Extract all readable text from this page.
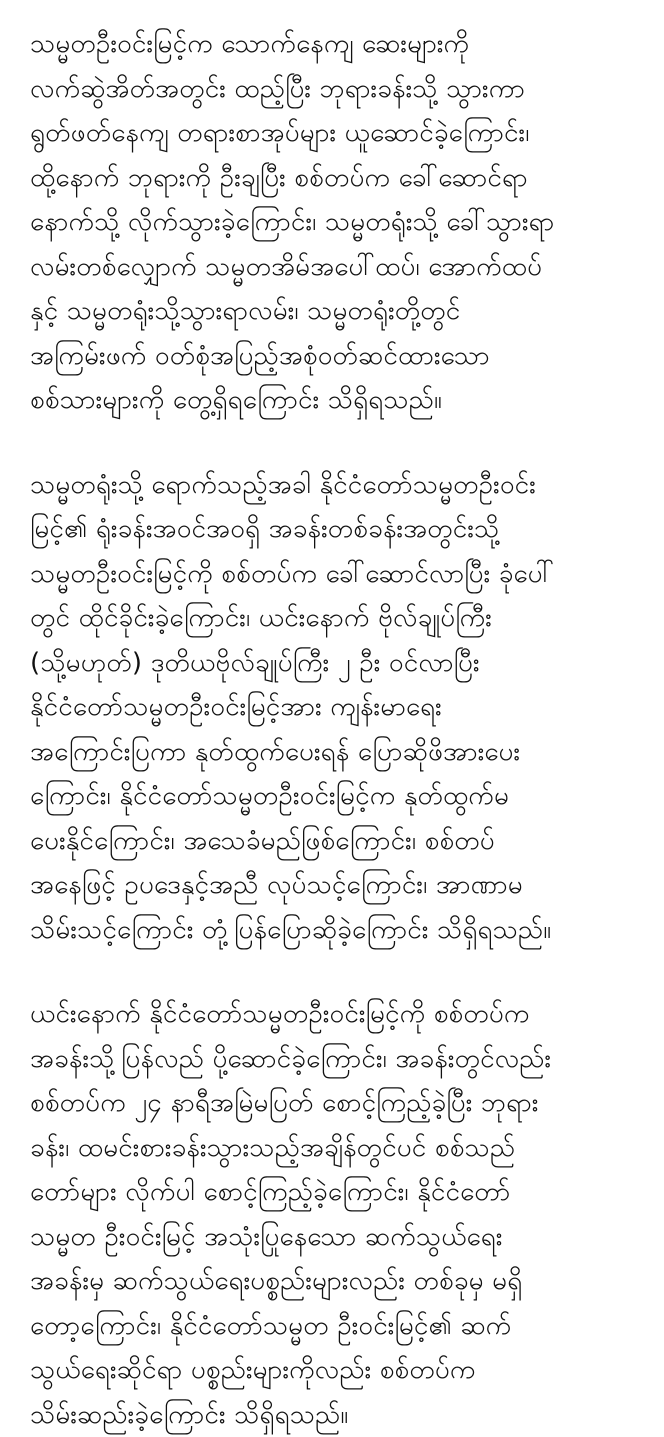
သမ္မတဦးဝင်းမြင့်က သောက်နေကျ ဆေးများကို
လက်ဆွဲအိတ်အတွင်း ထည့်ပြီး ဘုရားခန်းသို့ သွားကာ
ရွတ်ဖတ်နေကျ တရားစာအုပ်များ ယူဆောင်ခဲ့ကြောင်း၊
ထို့နောက် ဘုရားကို ဦးချပြီး စစ်တပ်က ခေါ်ဆောင်ရာ
နောက်သို့ လိုက်သွားခဲ့ကြောင်း၊ သမ္မတရုံးသို့ ခေါ်သွားရာ
လမ်းတစ်လျှောက် သမ္မတအိမ်အပေါ်ထပ်၊ အောက်ထပ်
နှင့် သမ္မတရုံးသို့သွားရာလမ်း၊ သမ္မတရုံးတို့တွင်
အကြမ်းဖက် ဝတ်စုံအပြည့်အစုံဝတ်ဆင်ထားသော
စစ်သားများကို တွေ့ရှိရကြောင်း သိရှိရသည်။
သမ္မတရုံးသို့ ရောက်သည့်အခါ နိုင်ငံတော်သမ္မတဦးဝင်း
မြင့်၏ ရုံးခန်းအဝင်အဝရှိ အခန်းတစ်ခန်းအတွင်းသို့
သမ္မတဦးဝင်းမြင့်ကို စစ်တပ်က ခေါ်ဆောင်လာပြီး ခုံပေါ်
တွင် ထိုင်ခိုင်းခဲ့ကြောင်း၊ ယင်းနောက် ဗိုလ်ချုပ်ကြီး
(သို့မဟုတ်) ဒုတိယဗိုလ်ချုပ်ကြီး ၂ ဦး ဝင်လာပြီး
နိုင်ငံတော်သမ္မတဦးဝင်းမြင့်အား ကျန်းမာရေး
အကြောင်းပြကာ နုတ်ထွက်ပေးရန် ပြောဆိုဖိအားပေး
ကြောင်း၊ နိုင်ငံတော်သမ္မတဦးဝင်းမြင့်က နုတ်ထွက်မ
ပေးနိုင်ကြောင်း၊ အသေခံမည်ဖြစ်ကြောင်း၊ စစ်တပ်
အနေဖြင့် ဥပဒေနှင့်အညီ လုပ်သင့်ကြောင်း၊ အာဏာမ
သိမ်းသင့်ကြောင်း တုံ့ပြန်ပြောဆိုခဲ့ကြောင်း သိရှိရသည်။
ယင်းနောက် နိုင်ငံတော်သမ္မတဦးဝင်းမြင့်ကို စစ်တပ်က
အခန်းသို့ပြန်လည် ပို့ဆောင်ခဲ့ကြောင်း၊ အခန်းတွင်လည်း
စစ်တပ်က ၂၄ နာရီအမြဲမပြတ် စောင့်ကြည့်ခဲ့ပြီး ဘုရား
ခန်း၊ ထမင်းစားခန်းသွားသည့်အချိန်တွင်ပင် စစ်သည်
တော်များ လိုက်ပါ စောင့်ကြည့်ခဲ့ကြောင်း၊ နိုင်ငံတော်
သမ္မတ ဦးဝင်းမြင့် အသုံးပြုနေသော ဆက်သွယ်ရေး
အခန်းမှ ဆက်သွယ်ရေးပစ္စည်းများလည်း တစ်ခုမှ မရှိ
တော့ကြောင်း၊ နိုင်ငံတော်သမ္မတ ဦးဝင်းမြင့်၏ ဆက်
သွယ်ရေးဆိုင်ရာ ပစ္စည်းများကိုလည်း စစ်တပ်က
သိမ်းဆည်းခဲ့ကြောင်း သိရှိရသည်။
